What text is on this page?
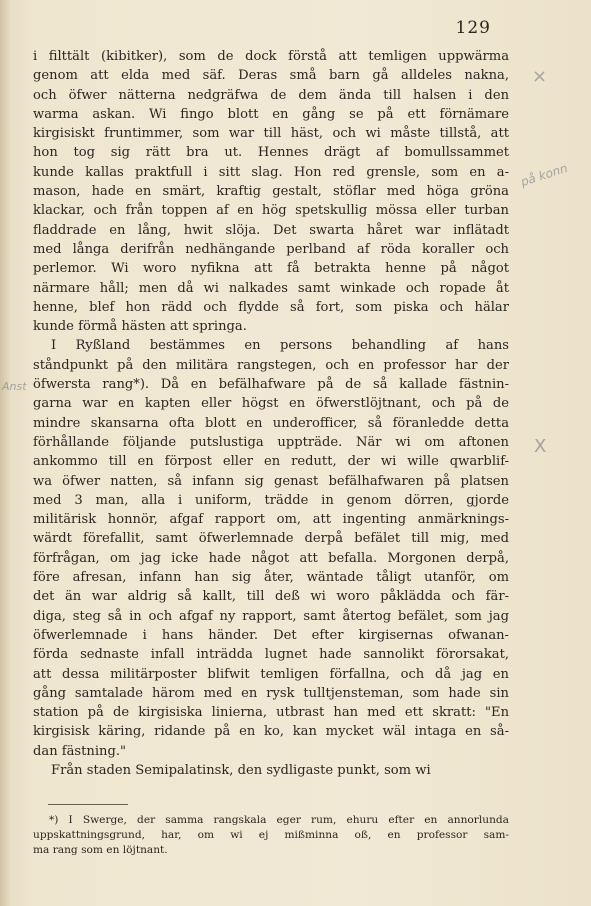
129
i filttält (kibitker), som de dock förstå att temligen uppwärma
genom att elda med säf. Deras små barn gå alldeles nakna,
och öfwer nätterna nedgräfwa de dem ända till halsen i den
warma askan. Wi fingo blott en gång se på ett förnämare
kirgisiskt fruntimmer, som war till häst, och wi måste tillstå, att
hon tog sig rätt bra ut. Hennes drägt af bomullssammet
kunde kallas praktfull i sitt slag. Hon red grensle, som en a-
mason, hade en smärt, kraftig gestalt, stöflar med höga gröna
klackar, och från toppen af en hög spetskullig mössa eller turban
fladdrade en lång, hwit slöja. Det swarta håret war inflätadt
med långa derifrån nedhängande perlband af röda koraller och
perlemor. Wi woro nyfikna att få betrakta henne på något
närmare håll; men då wi nalkades samt winkade och ropade åt
henne, blef hon rädd och flydde så fort, som piska och hälar
kunde förmå hästen att springa.
I Ryßland bestämmes en persons behandling af hans
ståndpunkt på den militära rangstegen, och en professor har der
öfwersta rang*). Då en befälhafware på de så kallade fästnin-
garna war en kapten eller högst en öfwerstlöjtnant, och på de
mindre skansarna ofta blott en underofficer, så föranledde detta
förhållande följande putslustiga uppträde. När wi om aftonen
ankommo till en förpost eller en redutt, der wi wille qwarblif-
wa öfwer natten, så infann sig genast befälhafwaren på platsen
med 3 man, alla i uniform, trädde in genom dörren, gjorde
militärisk honnör, afgaf rapport om, att ingenting anmärknings-
wärdt förefallit, samt öfwerlemnade derpå befälet till mig, med
förfrågan, om jag icke hade något att befalla. Morgonen derpå,
före afresan, infann han sig åter, wäntade tåligt utanför, om
det än war aldrig så kallt, till deß wi woro påklädda och fär-
diga, steg så in och afgaf ny rapport, samt återtog befälet, som jag
öfwerlemnade i hans händer. Det efter kirgisernas ofwanan-
förda sednaste infall inträdda lugnet hade sannolikt förorsakat,
att dessa militärposter blifwit temligen förfallna, och då jag en
gång samtalade härom med en rysk tulltjensteman, som hade sin
station på de kirgisiska linierna, utbrast han med ett skratt: "En
kirgisisk käring, ridande på en ko, kan mycket wäl intaga en så-
dan fästning."
Från staden Semipalatinsk, den sydligaste punkt, som wi
*) I Swerge, der samma rangskala eger rum, ehuru efter en annorlunda
uppskattningsgrund, har, om wi ej mißminna oß, en professor sam-
ma rang som en löjtnant.
×
på konn
Anst
X
